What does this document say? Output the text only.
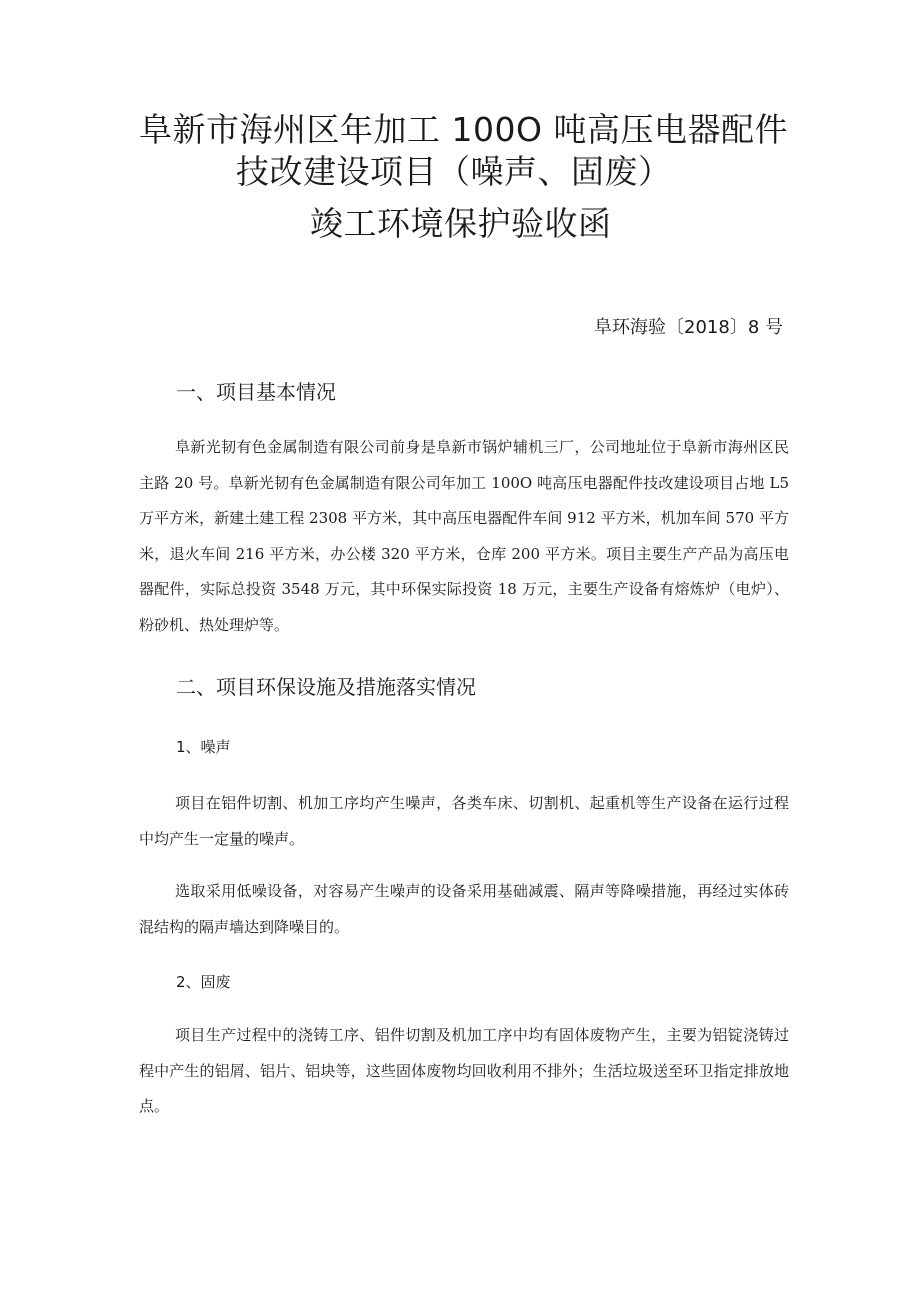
阜新市海州区年加工 100O 吨高压电器配件
技改建设项目（噪声、固废）
竣工环境保护验收函
阜环海验〔2018〕8 号
一、项目基本情况

阜新光韧有色金属制造有限公司前身是阜新市锅炉辅机三厂，公司地址位于阜新市海州区民主路 20 号。阜新光韧有色金属制造有限公司年加工 100O 吨高压电器配件技改建设项目占地 L5 万平方米，新建土建工程 2308 平方米，其中高压电器配件车间 912 平方米，机加车间 570 平方米，退火车间 216 平方米，办公楼 320 平方米，仓库 200 平方米。项目主要生产产品为高压电器配件，实际总投资 3548 万元，其中环保实际投资 18 万元，主要生产设备有熔炼炉（电炉）、粉砂机、热处理炉等。

二、项目环保设施及措施落实情况
1、噪声

项目在铝件切割、机加工序均产生噪声，各类车床、切割机、起重机等生产设备在运行过程中均产生一定量的噪声。

选取采用低噪设备，对容易产生噪声的设备采用基础减震、隔声等降噪措施，再经过实体砖混结构的隔声墙达到降噪目的。

2、固废

项目生产过程中的浇铸工序、铝件切割及机加工序中均有固体废物产生，主要为铝锭浇铸过程中产生的铝屑、铝片、铝块等，这些固体废物均回收利用不排外；生活垃圾送至环卫指定排放地点。
